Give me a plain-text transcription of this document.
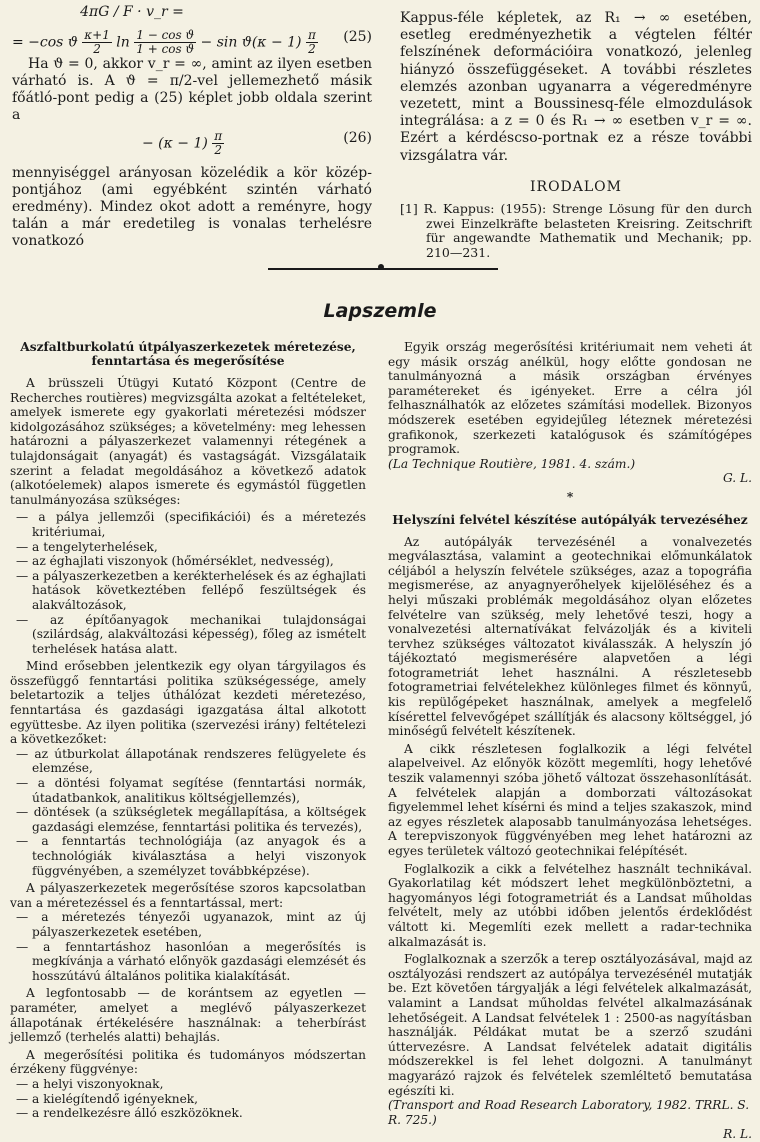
4πG / F · v_r =

= −cos ϑ $\frac{\kappa+1}{2}$ $\ln \frac{\text{1 − cos ϑ}}{\text{1 + cos ϑ}} - \sin ϑ(\kappa - 1) \frac{\pi}{2} (25)$

Ha ϑ = 0, akkor v_r = ∞, amint az ilyen esetben várható is. A ϑ = π/2-vel jellemezhető másik főátló-pont pedig a (25) képlet jobb oldala szerint a

− $(\kappa - 1) \frac{\pi}{2}$	(26)

mennyiséggel arányosan közelédik a kör közép-pontjához (ami egyébként szintén várható eredmény). Mindez okot adott a reményre, hogy talán a már eredetileg is vonalas terhelésre vonatkozó

Kappus-féle képletek, az R₁ → ∞ esetében, esetleg eredményezhetik a végtelen féltér felszínének deformációira vonatkozó, jelenleg hiányzó összefüggéseket. A további részletes elemzés azonban ugyanarra a végeredményre vezetett, mint a Boussinesq-féle elmozdulások integrálása: a z = 0 és R₁ → ∞ esetben v_r = ∞. Ezért a kérdéscso-portnak ez a része további vizsgálatra vár.

IRODALOM

[1] R. Kappus: (1955): Strenge Lösung für den durch zwei Einzelkräfte belasteten Kreisring. Zeitschrift für angewandte Mathematik und Mechanik; pp. 210—231.

Lapszemle

Aszfaltburkolatú útpályaszerkezetek méretezése, fenntartása és megerősítése

A brüsszeli Útügyi Kutató Központ (Centre de Recherches routières) megvizsgálta azokat a feltételeket, amelyek ismerete egy gyakorlati méretezési módszer kidolgozásához szükséges; a követelmény: meg lehessen határozni a pályaszerkezet valamennyi rétegének a tulajdonságait (anyagát) és vastagságát. Vizsgálataik szerint a feladat megoldásához a következő adatok (alkotóelemek) alapos ismerete és egymástól független tanulmányozása szükséges:

— a pálya jellemzői (specifikációi) és a méretezés kritériumai,

— a tengelyterhelések,

— az éghajlati viszonyok (hőmérséklet, nedvesség),

— a pályaszerkezetben a kerékterhelések és az éghajlati hatások következtében fellépő feszültségek és alakváltozások,

— az építőanyagok mechanikai tulajdonságai (szilárdság, alakváltozási képesség), főleg az ismételt terhelések hatása alatt.

Mind erősebben jelentkezik egy olyan tárgyilagos és összefüggő fenntartási politika szükségessége, amely beletartozik a teljes úthálózat kezdeti méretezéso, fenntartása és gazdasági igazgatása által alkotott együttesbe. Az ilyen politika (szervezési irány) feltételezi a következőket:

— az útburkolat állapotának rendszeres felügyelete és elemzése,

— a döntési folyamat segítése (fenntartási normák, útadatbankok, analitikus költségjellemzés),

— döntések (a szükségletek megállapítása, a költségek gazdasági elemzése, fenntartási politika és tervezés),

— a fenntartás technológiája (az anyagok és a technológiák kiválasztása a helyi viszonyok függvényében, a személyzet továbbképzése).

A pályaszerkezetek megerősítése szoros kapcsolatban van a méretezéssel és a fenntartással, mert:

— a méretezés tényezői ugyanazok, mint az új pályaszerkezetek esetében,

— a fenntartáshoz hasonlóan a megerősítés is megkívánja a várható előnyök gazdasági elemzését és hosszútávú általános politika kialakítását.

A legfontosabb — de korántsem az egyetlen — paraméter, amelyet a meglévő pályaszerkezet állapotának értékelésére használnak: a teherbírást jellemző (terhelés alatti) behajlás.

A megerősítési politika és tudományos módszertan érzékeny függvénye:

— a helyi viszonyoknak,

— a kielégítendő igényeknek,

— a rendelkezésre álló eszközöknek.

Egyik ország megerősítési kritériumait nem veheti át egy másik ország anélkül, hogy előtte gondosan ne tanulmányozná a másik országban érvényes paramétereket és igényeket. Erre a célra jól felhasználhatók az előzetes számítási modellek. Bizonyos módszerek esetében egyidejűleg léteznek méretezési grafikonok, szerkezeti katalógusok és számítógépes programok.

(La Technique Routière, 1981. 4. szám.)

G. L.

*

Helyszíni felvétel készítése autópályák tervezéséhez

Az autópályák tervezésénél a vonalvezetés megválasztása, valamint a geotechnikai előmunkálatok céljából a helyszín felvétele szükséges, azaz a topográfia megismerése, az anyagnyerőhelyek kijelöléséhez és a helyi műszaki problémák megoldásához olyan előzetes felvételre van szükség, mely lehetővé teszi, hogy a vonalvezetési alternatívákat felvázolják és a kiviteli tervhez szükséges változatot kiválasszák. A helyszín jó tájékoztató megismerésére alapvetően a légi fotogrametriát lehet használni. A részletesebb fotogrametriai felvételekhez különleges filmet és könnyű, kis repülőgépeket használnak, amelyek a megfelelő kísérettel felvevőgépet szállítják és alacsony költséggel, jó minőségű felvételt készítenek.

A cikk részletesen foglalkozik a légi felvétel alapelveivel. Az előnyök között megemlíti, hogy lehetővé teszik valamennyi szóba jöhető változat összehasonlítását. A felvételek alapján a domborzati változásokat figyelemmel lehet kísérni és mind a teljes szakaszok, mind az egyes részletek alaposabb tanulmányozása lehetséges. A terepviszonyok függvényében meg lehet határozni az egyes területek változó geotechnikai felépítését.

Foglalkozik a cikk a felvételhez használt technikával. Gyakorlatilag két módszert lehet megkülönböztetni, a hagyományos légi fotogrametriát és a Landsat műholdas felvételt, mely az utóbbi időben jelentős érdeklődést váltott ki. Megemlíti ezek mellett a radar-technika alkalmazását is.

Foglalkoznak a szerzők a terep osztályozásával, majd az osztályozási rendszert az autópálya tervezésénél mutatják be. Ezt követően tárgyalják a légi felvételek alkalmazását, valamint a Landsat műholdas felvétel alkalmazásának lehetőségeit. A Landsat felvételek 1 : 2500-as nagyításban használják. Példákat mutat be a szerző szudáni úttervezésre. A Landsat felvételek adatait digitális módszerekkel is fel lehet dolgozni. A tanulmányt magyarázó rajzok és felvételek szemléltető bemutatása egészíti ki.

(Transport and Road Research Laboratory, 1982. TRRL. S. R. 725.)

R. L.
